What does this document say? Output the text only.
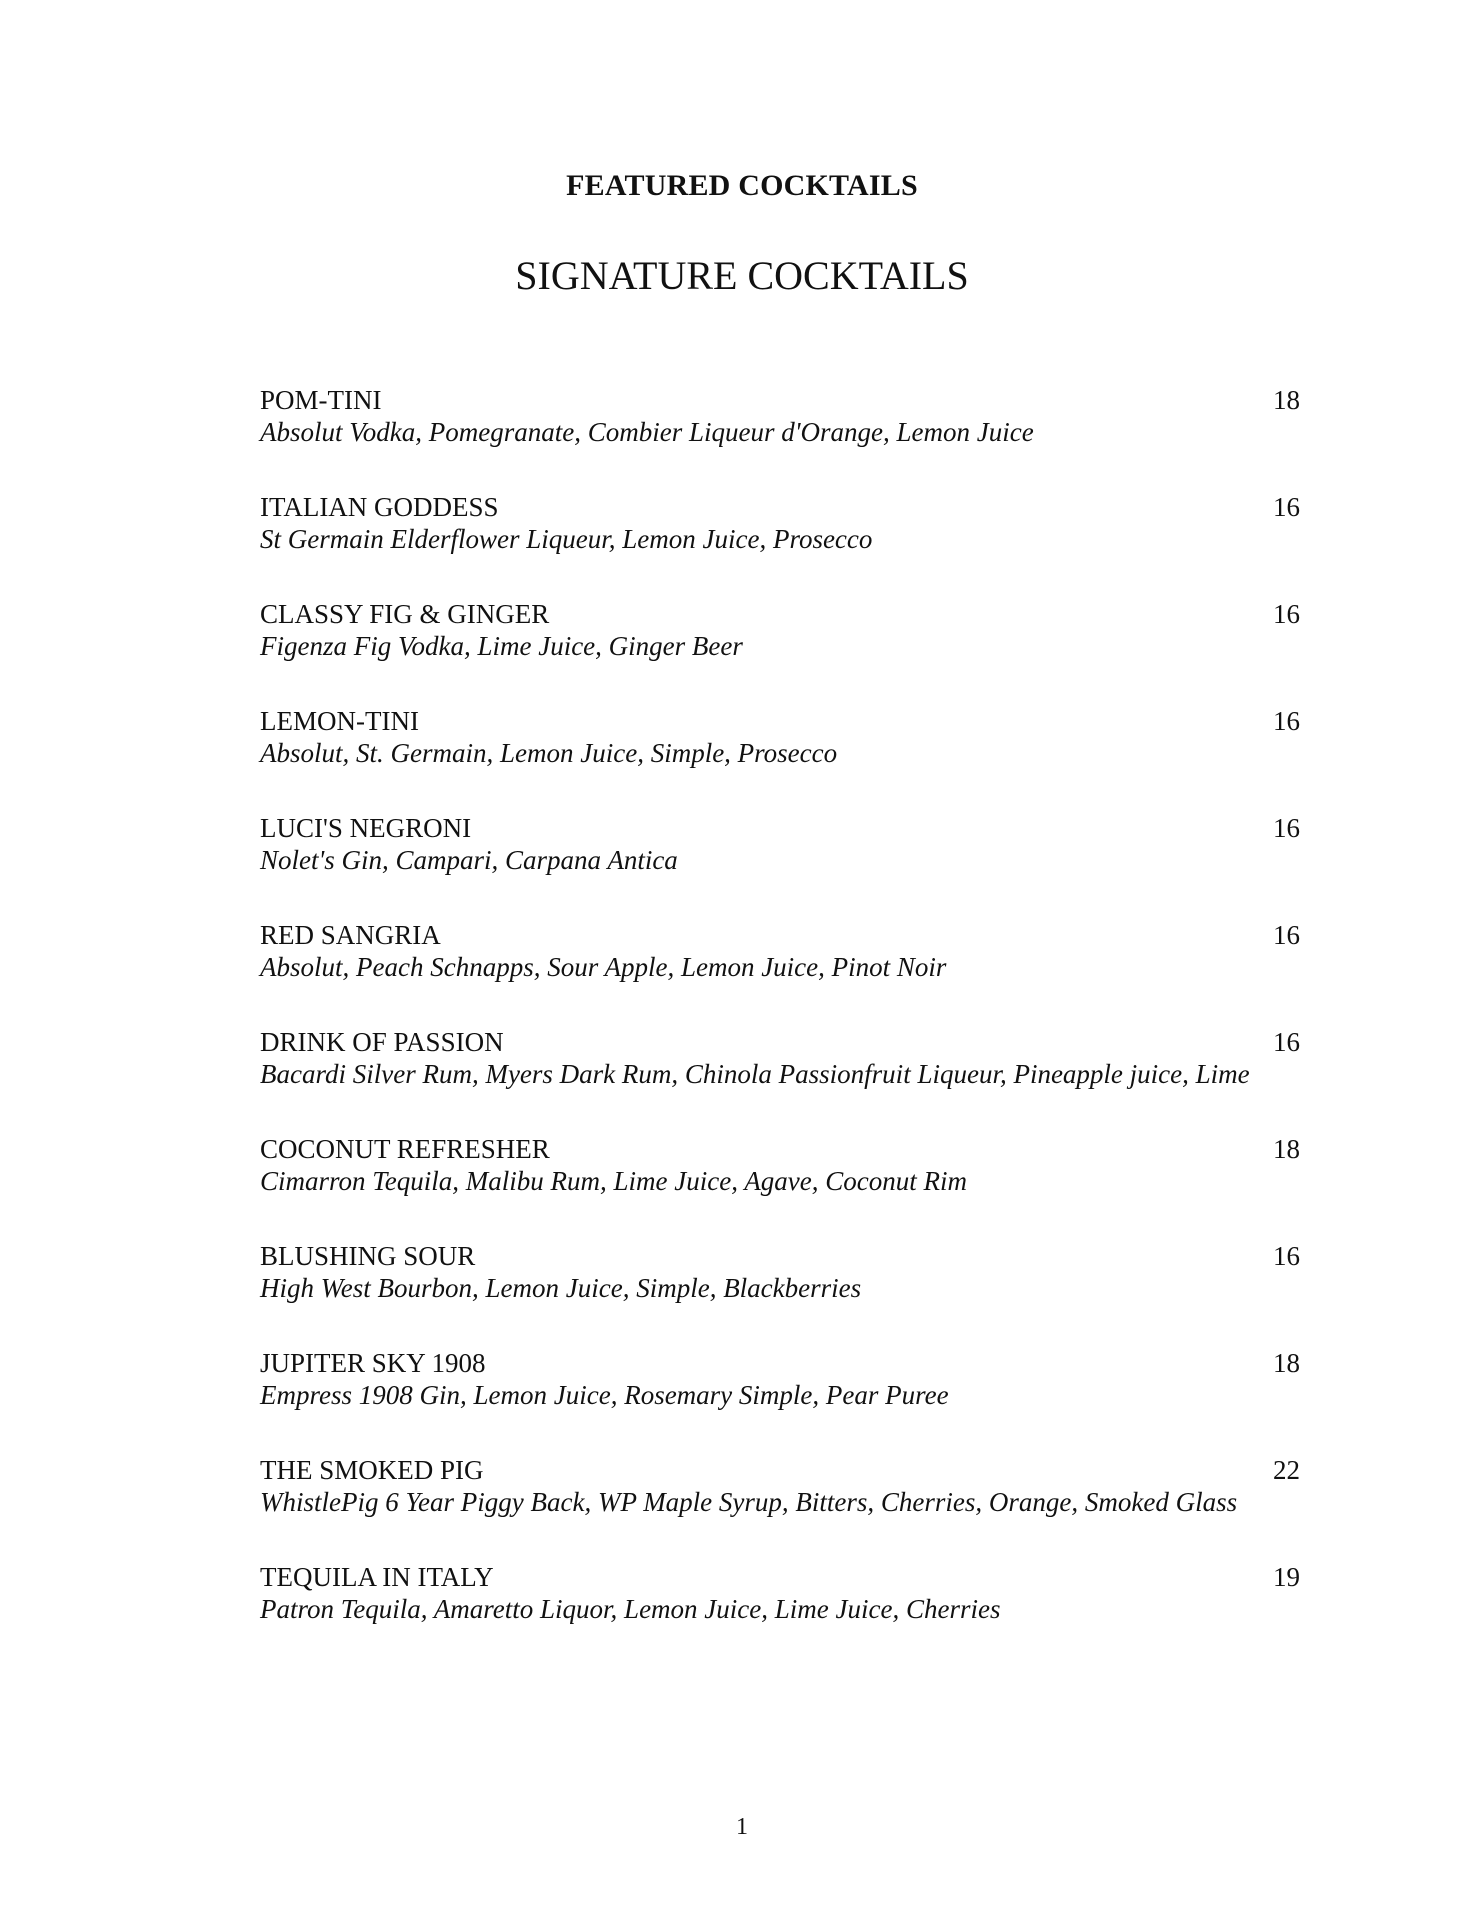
FEATURED COCKTAILS
SIGNATURE COCKTAILS
POM-TINI	18
Absolut Vodka, Pomegranate, Combier Liqueur d'Orange, Lemon Juice
ITALIAN GODDESS	16
St Germain Elderflower Liqueur, Lemon Juice, Prosecco
CLASSY FIG & GINGER	16
Figenza Fig Vodka, Lime Juice, Ginger Beer
LEMON-TINI	16
Absolut, St. Germain, Lemon Juice, Simple, Prosecco
LUCI'S NEGRONI	16
Nolet's Gin, Campari, Carpana Antica
RED SANGRIA	16
Absolut, Peach Schnapps, Sour Apple, Lemon Juice, Pinot Noir
DRINK OF PASSION	16
Bacardi Silver Rum, Myers Dark Rum, Chinola Passionfruit Liqueur, Pineapple juice, Lime
COCONUT REFRESHER	18
Cimarron Tequila, Malibu Rum, Lime Juice, Agave, Coconut Rim
BLUSHING SOUR	16
High West Bourbon, Lemon Juice, Simple, Blackberries
JUPITER SKY 1908	18
Empress 1908 Gin, Lemon Juice, Rosemary Simple, Pear Puree
THE SMOKED PIG	22
WhistlePig 6 Year Piggy Back, WP Maple Syrup, Bitters, Cherries, Orange, Smoked Glass
TEQUILA IN ITALY	19
Patron Tequila, Amaretto Liquor, Lemon Juice, Lime Juice, Cherries
1
